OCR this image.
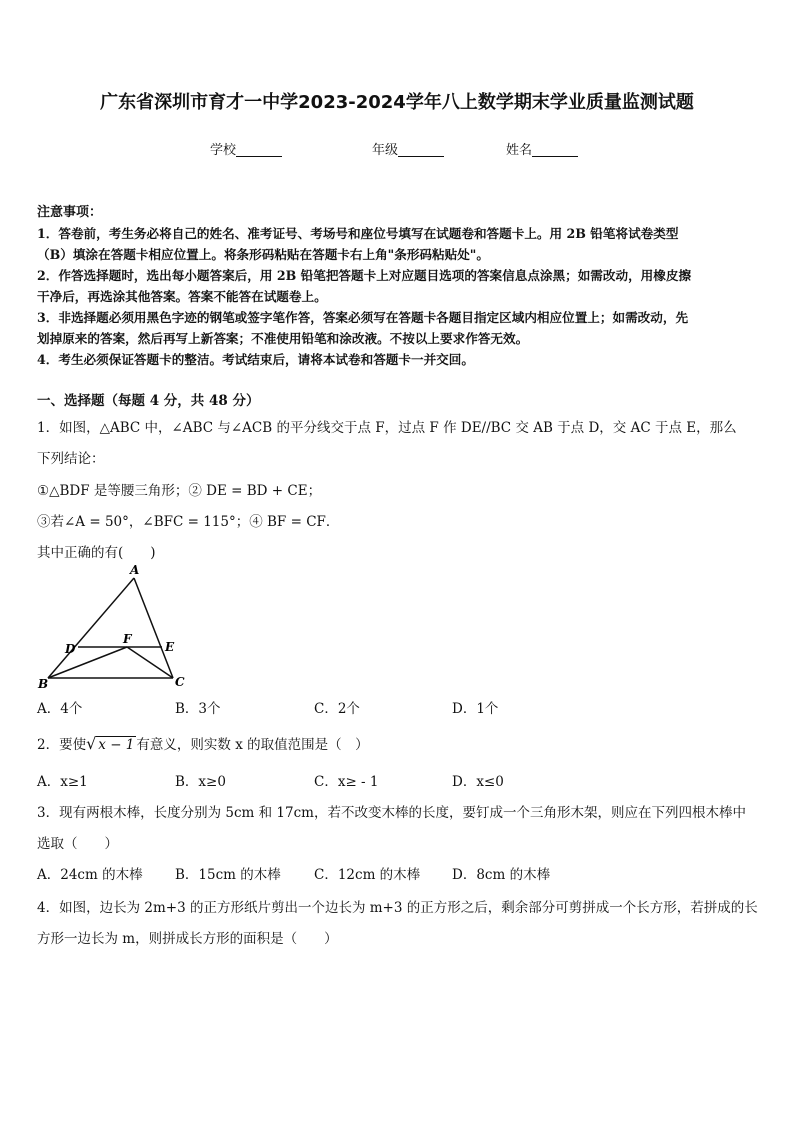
广东省深圳市育才一中学2023-2024学年八上数学期末学业质量监测试题
学校	年级	姓名
注意事项：

1．答卷前，考生务必将自己的姓名、准考证号、考场号和座位号填写在试题卷和答题卡上。用 2B 铅笔将试卷类型

（B）填涂在答题卡相应位置上。将条形码粘贴在答题卡右上角"条形码粘贴处"。

2．作答选择题时，选出每小题答案后，用 2B 铅笔把答题卡上对应题目选项的答案信息点涂黑；如需改动，用橡皮擦

干净后，再选涂其他答案。答案不能答在试题卷上。

3．非选择题必须用黑色字迹的钢笔或签字笔作答，答案必须写在答题卡各题目指定区域内相应位置上；如需改动，先

划掉原来的答案，然后再写上新答案；不准使用铅笔和涂改液。不按以上要求作答无效。

4．考生必须保证答题卡的整洁。考试结束后，请将本试卷和答题卡一并交回。

一、选择题（每题 4 分，共 48 分）
1．如图，△ABC 中，∠ABC 与∠ACB 的平分线交于点 F，过点 F 作 DE//BC 交 AB 于点 D，交 AC 于点 E，那么
下列结论：
①△BDF 是等腰三角形；② DE = BD + CE；
③若∠A = 50°，∠BFC = 115°；④ BF = CF．
其中正确的有(　　)
A
B	C
D	E
F
A．4个	B．3个	C．2个	D．1个
2．要使√ x − 1 有意义，则实数 x 的取值范围是（　）
A．x≥1	B．x≥0	C．x≥ - 1	D．x≤0
3．现有两根木棒，长度分别为 5cm 和 17cm，若不改变木棒的长度，要钉成一个三角形木架，则应在下列四根木棒中
选取（　　）
A．24cm 的木棒 B．15cm 的木棒 C．12cm 的木棒 D．8cm 的木棒
4．如图，边长为 2m+3 的正方形纸片剪出一个边长为 m+3 的正方形之后，剩余部分可剪拼成一个长方形，若拼成的长
方形一边长为 m，则拼成长方形的面积是（　　）
